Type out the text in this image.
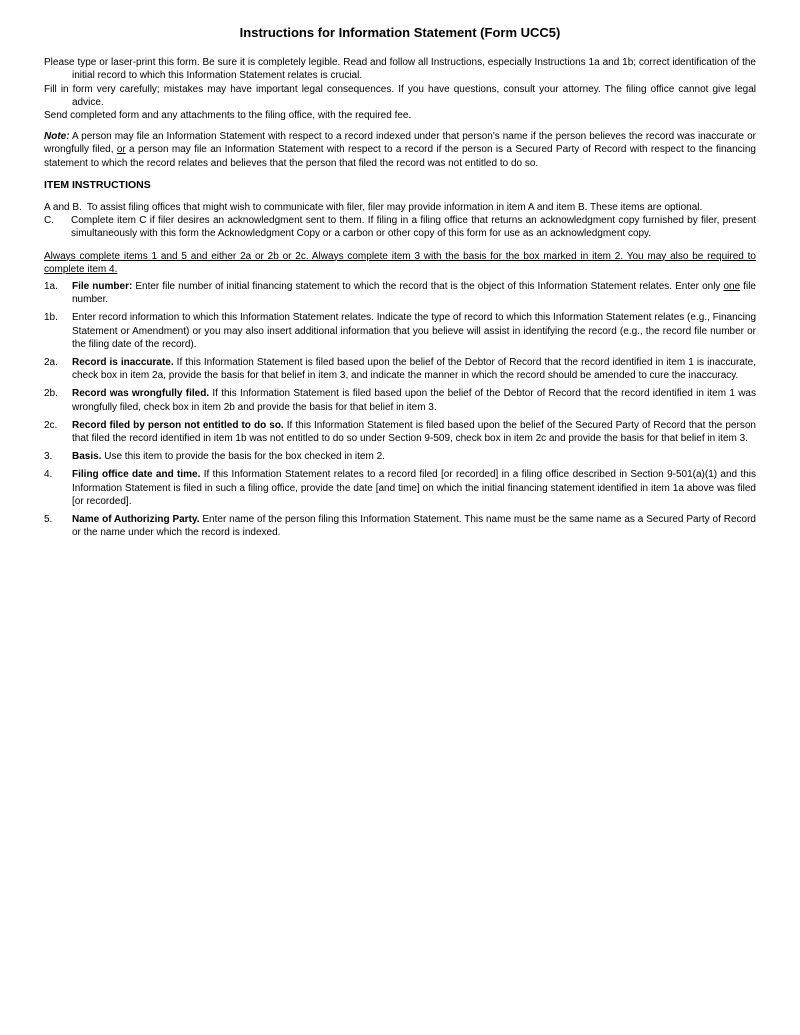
Instructions for Information Statement (Form UCC5)

Please type or laser-print this form. Be sure it is completely legible. Read and follow all Instructions, especially Instructions 1a and 1b; correct identification of the initial record to which this Information Statement relates is crucial.

Fill in form very carefully; mistakes may have important legal consequences. If you have questions, consult your attorney. The filing office cannot give legal advice.

Send completed form and any attachments to the filing office, with the required fee.

Note: A person may file an Information Statement with respect to a record indexed under that person's name if the person believes the record was inaccurate or wrongfully filed, or a person may file an Information Statement with respect to a record if the person is a Secured Party of Record with respect to the financing statement to which the record relates and believes that the person that filed the record was not entitled to do so.

ITEM INSTRUCTIONS
A and B. To assist filing offices that might wish to communicate with filer, filer may provide information in item A and item B. These items are optional.
C.	Complete item C if filer desires an acknowledgment sent to them. If filing in a filing office that returns an acknowledgment copy furnished by filer, present simultaneously with this form the Acknowledgment Copy or a carbon or other copy of this form for use as an acknowledgment copy.

Always complete items 1 and 5 and either 2a or 2b or 2c. Always complete item 3 with the basis for the box marked in item 2. You may also be required to complete item 4.

1a.	File number: Enter file number of initial financing statement to which the record that is the object of this Information Statement relates. Enter only one file number.
1b.	Enter record information to which this Information Statement relates. Indicate the type of record to which this Information Statement relates (e.g., Financing Statement or Amendment) or you may also insert additional information that you believe will assist in identifying the record (e.g., the record file number or the filing date of the record).
2a.	Record is inaccurate. If this Information Statement is filed based upon the belief of the Debtor of Record that the record identified in item 1 is inaccurate, check box in item 2a, provide the basis for that belief in item 3, and indicate the manner in which the record should be amended to cure the inaccuracy.
2b.	Record was wrongfully filed. If this Information Statement is filed based upon the belief of the Debtor of Record that the record identified in item 1 was wrongfully filed, check box in item 2b and provide the basis for that belief in item 3.
2c.	Record filed by person not entitled to do so. If this Information Statement is filed based upon the belief of the Secured Party of Record that the person that filed the record identified in item 1b was not entitled to do so under Section 9-509, check box in item 2c and provide the basis for that belief in item 3.
3.	Basis. Use this item to provide the basis for the box checked in item 2.
4.	Filing office date and time. If this Information Statement relates to a record filed [or recorded] in a filing office described in Section 9-501(a)(1) and this Information Statement is filed in such a filing office, provide the date [and time] on which the initial financing statement identified in item 1a above was filed [or recorded].
5.	Name of Authorizing Party. Enter name of the person filing this Information Statement. This name must be the same name as a Secured Party of Record or the name under which the record is indexed.
